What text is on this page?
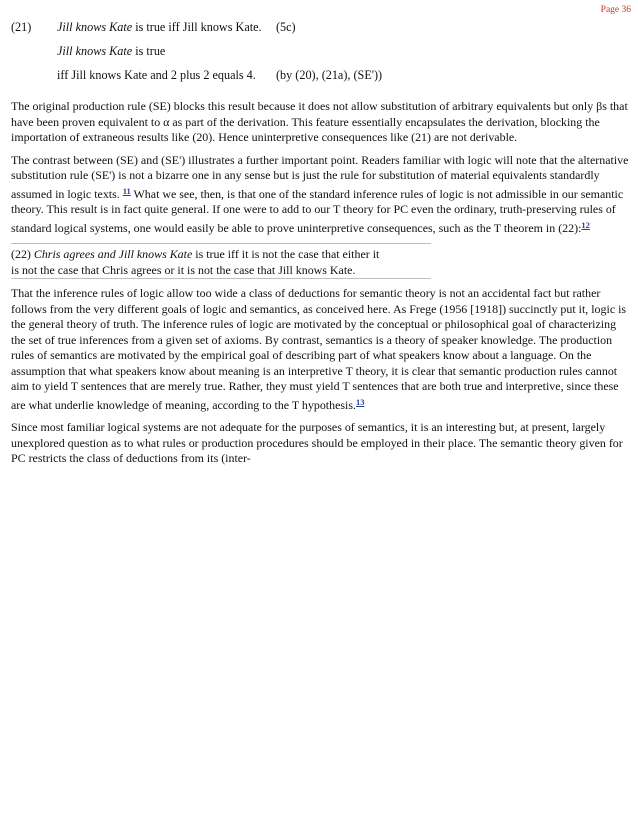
Page 36
(21)	Jill knows Kate is true iff Jill knows Kate.	(5c)
Jill knows Kate is true
iff Jill knows Kate and 2 plus 2 equals 4.	(by (20), (21a), (SE'))

The original production rule (SE) blocks this result because it does not allow substitution of arbitrary equivalents but only βs that have been proven equivalent to α as part of the derivation. This feature essentially encapsulates the derivation, blocking the importation of extraneous results like (20). Hence uninterpretive consequences like (21) are not derivable.

The contrast between (SE) and (SE') illustrates a further important point. Readers familiar with logic will note that the alternative substitution rule (SE') is not a bizarre one in any sense but is just the rule for substitution of material equivalents standardly assumed in logic texts. $^{11}$ What we see, then, is that one of the standard inference rules of logic is not admissible in our semantic theory. This result is in fact quite general. If one were to add to our T theory for PC even the ordinary, truth-preserving rules of standard logical systems, one would easily be able to prove uninterpretive consequences, such as the T theorem in (22):$^{12}$

(22) Chris agrees and Jill knows Kate is true iff it is not the case that either it
is not the case that Chris agrees or it is not the case that Jill knows Kate.

That the inference rules of logic allow too wide a class of deductions for semantic theory is not an accidental fact but rather follows from the very different goals of logic and semantics, as conceived here. As Frege (1956 [1918]) succinctly put it, logic is the general theory of truth. The inference rules of logic are motivated by the conceptual or philosophical goal of characterizing the set of true inferences from a given set of axioms. By contrast, semantics is a theory of speaker knowledge. The production rules of semantics are motivated by the empirical goal of describing part of what speakers know about a language. On the assumption that what speakers know about meaning is an interpretive T theory, it is clear that semantic production rules cannot aim to yield T sentences that are merely true. Rather, they must yield T sentences that are both true and interpretive, since these are what underlie knowledge of meaning, according to the T hypothesis.$^{13}$

Since most familiar logical systems are not adequate for the purposes of semantics, it is an interesting but, at present, largely unexplored question as to what rules or production procedures should be employed in their place. The semantic theory given for PC restricts the class of deductions from its (inter-
